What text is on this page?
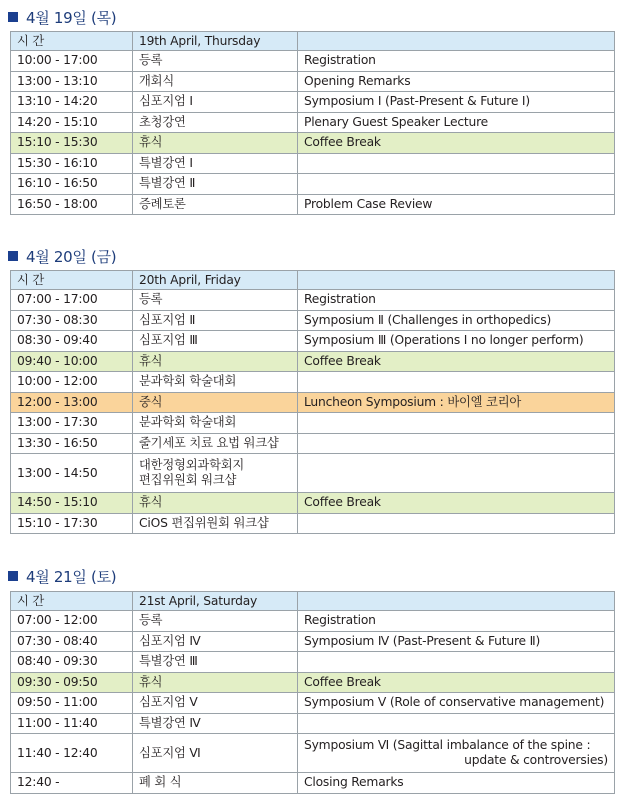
4월 19일 (목)
시 간	19th April, Thursday	
10:00 - 17:00	등록	Registration
13:00 - 13:10	개회식	Opening Remarks
13:10 - 14:20	심포지엄 Ⅰ	Symposium Ⅰ (Past-Present & Future Ⅰ)
14:20 - 15:10	초청강연	Plenary Guest Speaker Lecture
15:10 - 15:30	휴식	Coffee Break
15:30 - 16:10	특별강연 Ⅰ	
16:10 - 16:50	특별강연 Ⅱ	
16:50 - 18:00	증례토론	Problem Case Review
4월 20일 (금)
시 간	20th April, Friday	
07:00 - 17:00	등록	Registration
07:30 - 08:30	심포지엄 Ⅱ	Symposium Ⅱ (Challenges in orthopedics)
08:30 - 09:40	심포지엄 Ⅲ	Symposium Ⅲ (Operations I no longer perform)
09:40 - 10:00	휴식	Coffee Break
10:00 - 12:00	분과학회 학술대회	
12:00 - 13:00	중식	Luncheon Symposium : 바이엘 코리아
13:00 - 17:30	분과학회 학술대회	
13:30 - 16:50	줄기세포 치료 요법 워크샵	
13:00 - 14:50	대한정형외과학회지
편집위원회 워크샵	

14:50 - 15:10	휴식	Coffee Break
15:10 - 17:30	CiOS 편집위원회 워크샵	
4월 21일 (토)
시 간	21st April, Saturday	
07:00 - 12:00	등록	Registration
07:30 - 08:40	심포지엄 Ⅳ	Symposium Ⅳ (Past-Present & Future Ⅱ)
08:40 - 09:30	특별강연 Ⅲ	
09:30 - 09:50	휴식	Coffee Break
09:50 - 11:00	심포지엄 Ⅴ	Symposium Ⅴ (Role of conservative management)
11:00 - 11:40	특별강연 Ⅳ	
11:40 - 12:40	심포지엄 Ⅵ	Symposium Ⅵ (Sagittal imbalance of the spine :
update & controversies)

12:40 -	폐 회 식	Closing Remarks
